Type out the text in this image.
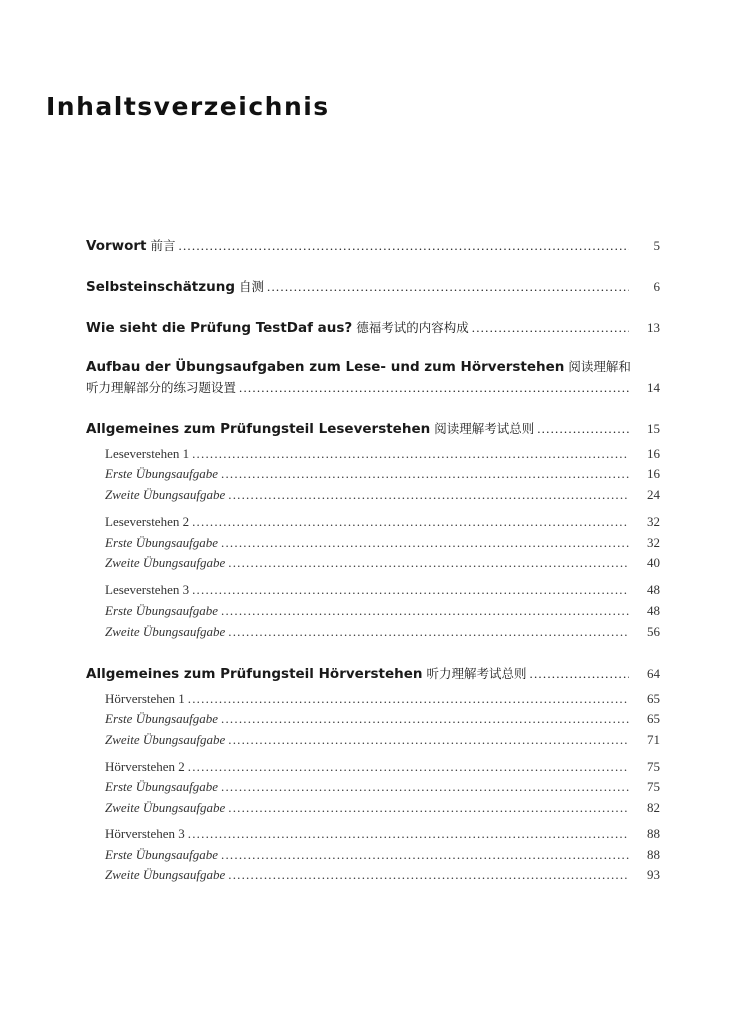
Inhaltsverzeichnis
Vorwort 前言 .....	5
Selbsteinschätzung 自测 .....	6
Wie sieht die Prüfung TestDaf aus? 德福考试的内容构成 .....	13
Aufbau der Übungsaufgaben zum Lese- und zum Hörverstehen 阅读理解和
听力理解部分的练习题设置 .....	14
Allgemeines zum Prüfungsteil Leseverstehen 阅读理解考试总则 .....	15
Leseverstehen 1 .....	16
Erste Übungsaufgabe .....	16
Zweite Übungsaufgabe .....	24
Leseverstehen 2 .....	32
Erste Übungsaufgabe .....	32
Zweite Übungsaufgabe .....	40
Leseverstehen 3 .....	48
Erste Übungsaufgabe .....	48
Zweite Übungsaufgabe .....	56
Allgemeines zum Prüfungsteil Hörverstehen 听力理解考试总则 .....	64
Hörverstehen 1 .....	65
Erste Übungsaufgabe .....	65
Zweite Übungsaufgabe .....	71
Hörverstehen 2 .....	75
Erste Übungsaufgabe .....	75
Zweite Übungsaufgabe .....	82
Hörverstehen 3 .....	88
Erste Übungsaufgabe .....	88
Zweite Übungsaufgabe .....	93
